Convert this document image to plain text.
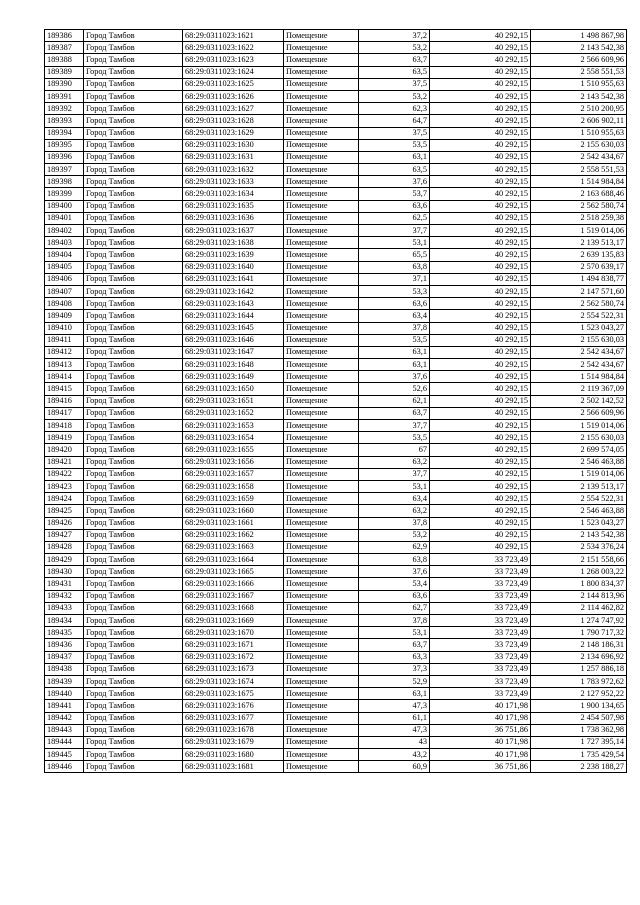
189386	Город Тамбов	68:29:0311023:1621	Помещение	37,2	40 292,15	1 498 867,98
189387	Город Тамбов	68:29:0311023:1622	Помещение	53,2	40 292,15	2 143 542,38
189388	Город Тамбов	68:29:0311023:1623	Помещение	63,7	40 292,15	2 566 609,96
189389	Город Тамбов	68:29:0311023:1624	Помещение	63,5	40 292,15	2 558 551,53
189390	Город Тамбов	68:29:0311023:1625	Помещение	37,5	40 292,15	1 510 955,63
189391	Город Тамбов	68:29:0311023:1626	Помещение	53,2	40 292,15	2 143 542,38
189392	Город Тамбов	68:29:0311023:1627	Помещение	62,3	40 292,15	2 510 200,95
189393	Город Тамбов	68:29:0311023:1628	Помещение	64,7	40 292,15	2 606 902,11
189394	Город Тамбов	68:29:0311023:1629	Помещение	37,5	40 292,15	1 510 955,63
189395	Город Тамбов	68:29:0311023:1630	Помещение	53,5	40 292,15	2 155 630,03
189396	Город Тамбов	68:29:0311023:1631	Помещение	63,1	40 292,15	2 542 434,67
189397	Город Тамбов	68:29:0311023:1632	Помещение	63,5	40 292,15	2 558 551,53
189398	Город Тамбов	68:29:0311023:1633	Помещение	37,6	40 292,15	1 514 984,84
189399	Город Тамбов	68:29:0311023:1634	Помещение	53,7	40 292,15	2 163 688,46
189400	Город Тамбов	68:29:0311023:1635	Помещение	63,6	40 292,15	2 562 580,74
189401	Город Тамбов	68:29:0311023:1636	Помещение	62,5	40 292,15	2 518 259,38
189402	Город Тамбов	68:29:0311023:1637	Помещение	37,7	40 292,15	1 519 014,06
189403	Город Тамбов	68:29:0311023:1638	Помещение	53,1	40 292,15	2 139 513,17
189404	Город Тамбов	68:29:0311023:1639	Помещение	65,5	40 292,15	2 639 135,83
189405	Город Тамбов	68:29:0311023:1640	Помещение	63,8	40 292,15	2 570 639,17
189406	Город Тамбов	68:29:0311023:1641	Помещение	37,1	40 292,15	1 494 838,77
189407	Город Тамбов	68:29:0311023:1642	Помещение	53,3	40 292,15	2 147 571,60
189408	Город Тамбов	68:29:0311023:1643	Помещение	63,6	40 292,15	2 562 580,74
189409	Город Тамбов	68:29:0311023:1644	Помещение	63,4	40 292,15	2 554 522,31
189410	Город Тамбов	68:29:0311023:1645	Помещение	37,8	40 292,15	1 523 043,27
189411	Город Тамбов	68:29:0311023:1646	Помещение	53,5	40 292,15	2 155 630,03
189412	Город Тамбов	68:29:0311023:1647	Помещение	63,1	40 292,15	2 542 434,67
189413	Город Тамбов	68:29:0311023:1648	Помещение	63,1	40 292,15	2 542 434,67
189414	Город Тамбов	68:29:0311023:1649	Помещение	37,6	40 292,15	1 514 984,84
189415	Город Тамбов	68:29:0311023:1650	Помещение	52,6	40 292,15	2 119 367,09
189416	Город Тамбов	68:29:0311023:1651	Помещение	62,1	40 292,15	2 502 142,52
189417	Город Тамбов	68:29:0311023:1652	Помещение	63,7	40 292,15	2 566 609,96
189418	Город Тамбов	68:29:0311023:1653	Помещение	37,7	40 292,15	1 519 014,06
189419	Город Тамбов	68:29:0311023:1654	Помещение	53,5	40 292,15	2 155 630,03
189420	Город Тамбов	68:29:0311023:1655	Помещение	67	40 292,15	2 699 574,05
189421	Город Тамбов	68:29:0311023:1656	Помещение	63,2	40 292,15	2 546 463,88
189422	Город Тамбов	68:29:0311023:1657	Помещение	37,7	40 292,15	1 519 014,06
189423	Город Тамбов	68:29:0311023:1658	Помещение	53,1	40 292,15	2 139 513,17
189424	Город Тамбов	68:29:0311023:1659	Помещение	63,4	40 292,15	2 554 522,31
189425	Город Тамбов	68:29:0311023:1660	Помещение	63,2	40 292,15	2 546 463,88
189426	Город Тамбов	68:29:0311023:1661	Помещение	37,8	40 292,15	1 523 043,27
189427	Город Тамбов	68:29:0311023:1662	Помещение	53,2	40 292,15	2 143 542,38
189428	Город Тамбов	68:29:0311023:1663	Помещение	62,9	40 292,15	2 534 376,24
189429	Город Тамбов	68:29:0311023:1664	Помещение	63,8	33 723,49	2 151 558,66
189430	Город Тамбов	68:29:0311023:1665	Помещение	37,6	33 723,49	1 268 003,22
189431	Город Тамбов	68:29:0311023:1666	Помещение	53,4	33 723,49	1 800 834,37
189432	Город Тамбов	68:29:0311023:1667	Помещение	63,6	33 723,49	2 144 813,96
189433	Город Тамбов	68:29:0311023:1668	Помещение	62,7	33 723,49	2 114 462,82
189434	Город Тамбов	68:29:0311023:1669	Помещение	37,8	33 723,49	1 274 747,92
189435	Город Тамбов	68:29:0311023:1670	Помещение	53,1	33 723,49	1 790 717,32
189436	Город Тамбов	68:29:0311023:1671	Помещение	63,7	33 723,49	2 148 186,31
189437	Город Тамбов	68:29:0311023:1672	Помещение	63,3	33 723,49	2 134 696,92
189438	Город Тамбов	68:29:0311023:1673	Помещение	37,3	33 723,49	1 257 886,18
189439	Город Тамбов	68:29:0311023:1674	Помещение	52,9	33 723,49	1 783 972,62
189440	Город Тамбов	68:29:0311023:1675	Помещение	63,1	33 723,49	2 127 952,22
189441	Город Тамбов	68:29:0311023:1676	Помещение	47,3	40 171,98	1 900 134,65
189442	Город Тамбов	68:29:0311023:1677	Помещение	61,1	40 171,98	2 454 507,98
189443	Город Тамбов	68:29:0311023:1678	Помещение	47,3	36 751,86	1 738 362,98
189444	Город Тамбов	68:29:0311023:1679	Помещение	43	40 171,98	1 727 395,14
189445	Город Тамбов	68:29:0311023:1680	Помещение	43,2	40 171,98	1 735 429,54
189446	Город Тамбов	68:29:0311023:1681	Помещение	60,9	36 751,86	2 238 188,27
